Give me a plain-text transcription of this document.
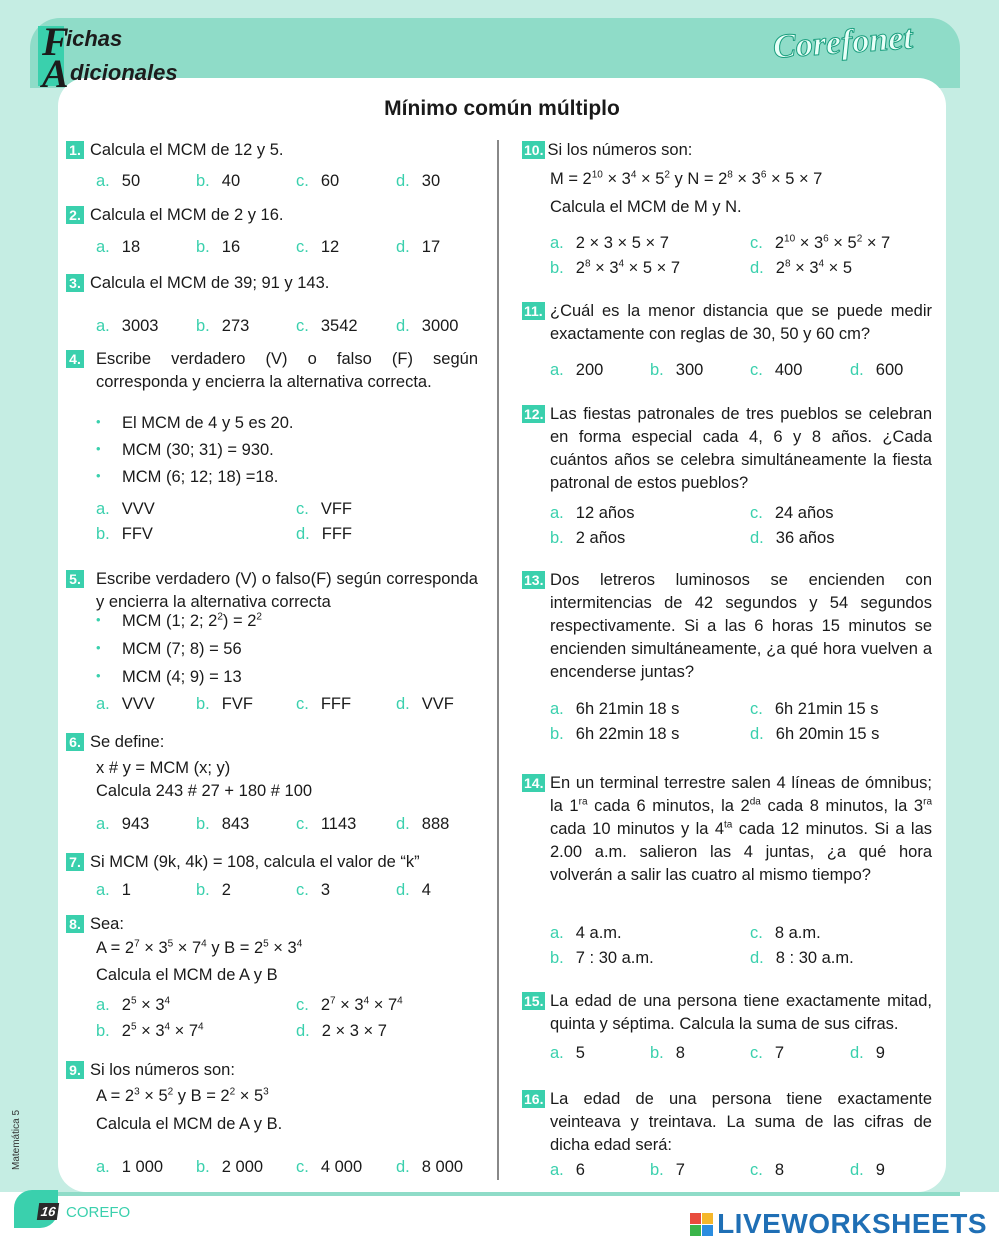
F
ichas
A dicionales
Corefonet
Mínimo común múltiplo
1. Calcula el MCM de 12 y 5.
a. 50	b. 40	c. 60	d. 30
2. Calcula el MCM de 2 y 16.
a. 18	b. 16	c. 12	d. 17
3. Calcula el MCM de 39; 91 y 143.
a. 3003 b. 273	c. 3542 d. 3000
4. Escribe verdadero (V) o falso (F) según corresponda y encierra la alternativa correcta.
• El MCM de 4 y 5 es 20.
• MCM (30; 31) = 930.
• MCM (6; 12; 18) =18.
a. VVV	c. VFF
b. FFV	d. FFF
5. Escribe verdadero (V) o falso(F) según corresponda y encierra la alternativa correcta
• MCM (1; 2; $2^2) = 2^2$
• MCM (7; 8) = 56
• MCM (4; 9) = 13
a. VVV b. FVF	c. FFF	d. VVF
6. Se define:
x # y = MCM (x; y)
Calcula 243 # 27 + 180 # 100
a. 943	b. 843	c. 1143 d. 888
7. Si MCM (9k, 4k) = 108, calcula el valor de “k”
a. 1	b. 2	c. 3	d. 4
8. Sea:
$A = 2^7 \times 3^5 \times 7^4$ y $B = 2^5 \times 3^4$
Calcula el MCM de A y B
a. $2^5 \times 3^4$	c. $2^7 \times 3^4 \times 7^4$
b. $2^5 \times 3^4 \times 7^4$	d. 2 × 3 × 7
9. Si los números son:
$A = 2^3 \times 5^2$ y $B = 2^2 \times 5^3$
Calcula el MCM de A y B.
a. 1 000 b. 2 000 c. 4 000 d. 8 000
10. Si los números son:
$M = 2^{10} \times 3^4 \times 5^2$ y $N = 2^8 \times 3^6 \times 5 \times 7$
Calcula el MCM de M y N.
a. 2 × 3 × 5 × 7	c. $2^{10} \times 3^6 \times 5^2 \times 7$
b. $2^8 \times 3^4 \times 5 \times 7$	d. $2^8 \times 3^4 \times 5$
11. ¿Cuál es la menor distancia que se puede medir exactamente con reglas de 30, 50 y 60 cm?
a. 200	b. 300	c. 400	d. 600
12. Las fiestas patronales de tres pueblos se celebran en forma especial cada 4, 6 y 8 años. ¿Cada cuántos años se celebra simultáneamente la fiesta patronal de estos pueblos?
a. 12 años	c. 24 años
b. 2 años	d. 36 años
13. Dos letreros luminosos se encienden con intermitencias de 42 segundos y 54 segundos respectivamente. Si a las 6 horas 15 minutos se encienden simultáneamente, ¿a qué hora vuelven a encenderse juntas?
a. 6h 21min 18 s	c. 6h 21min 15 s
b. 6h 22min 18 s	d. 6h 20min 15 s
14. En un terminal terrestre salen 4 líneas de ómnibus; la $1^{ra}$ cada 6 minutos, la $2^{da}$ cada 8 minutos, la $3^{ra}$ cada 10 minutos y la $4^{ta}$ cada 12 minutos. Si a las 2.00 a.m. salieron las 4 juntas, ¿a qué hora volverán a salir las cuatro al mismo tiempo?
a. 4 a.m.	c. 8 a.m.
b. 7 : 30 a.m.	d. 8 : 30 a.m.
15. La edad de una persona tiene exactamente mitad, quinta y séptima. Calcula la suma de sus cifras.
a. 5	b. 8	c. 7	d. 9
16. La edad de una persona tiene exactamente veinteava y treintava. La suma de las cifras de dicha edad será:
a. 6	b. 7	c. 8	d. 9
Matemática 5
16 COREFO	LIVEWORKSHEETS
